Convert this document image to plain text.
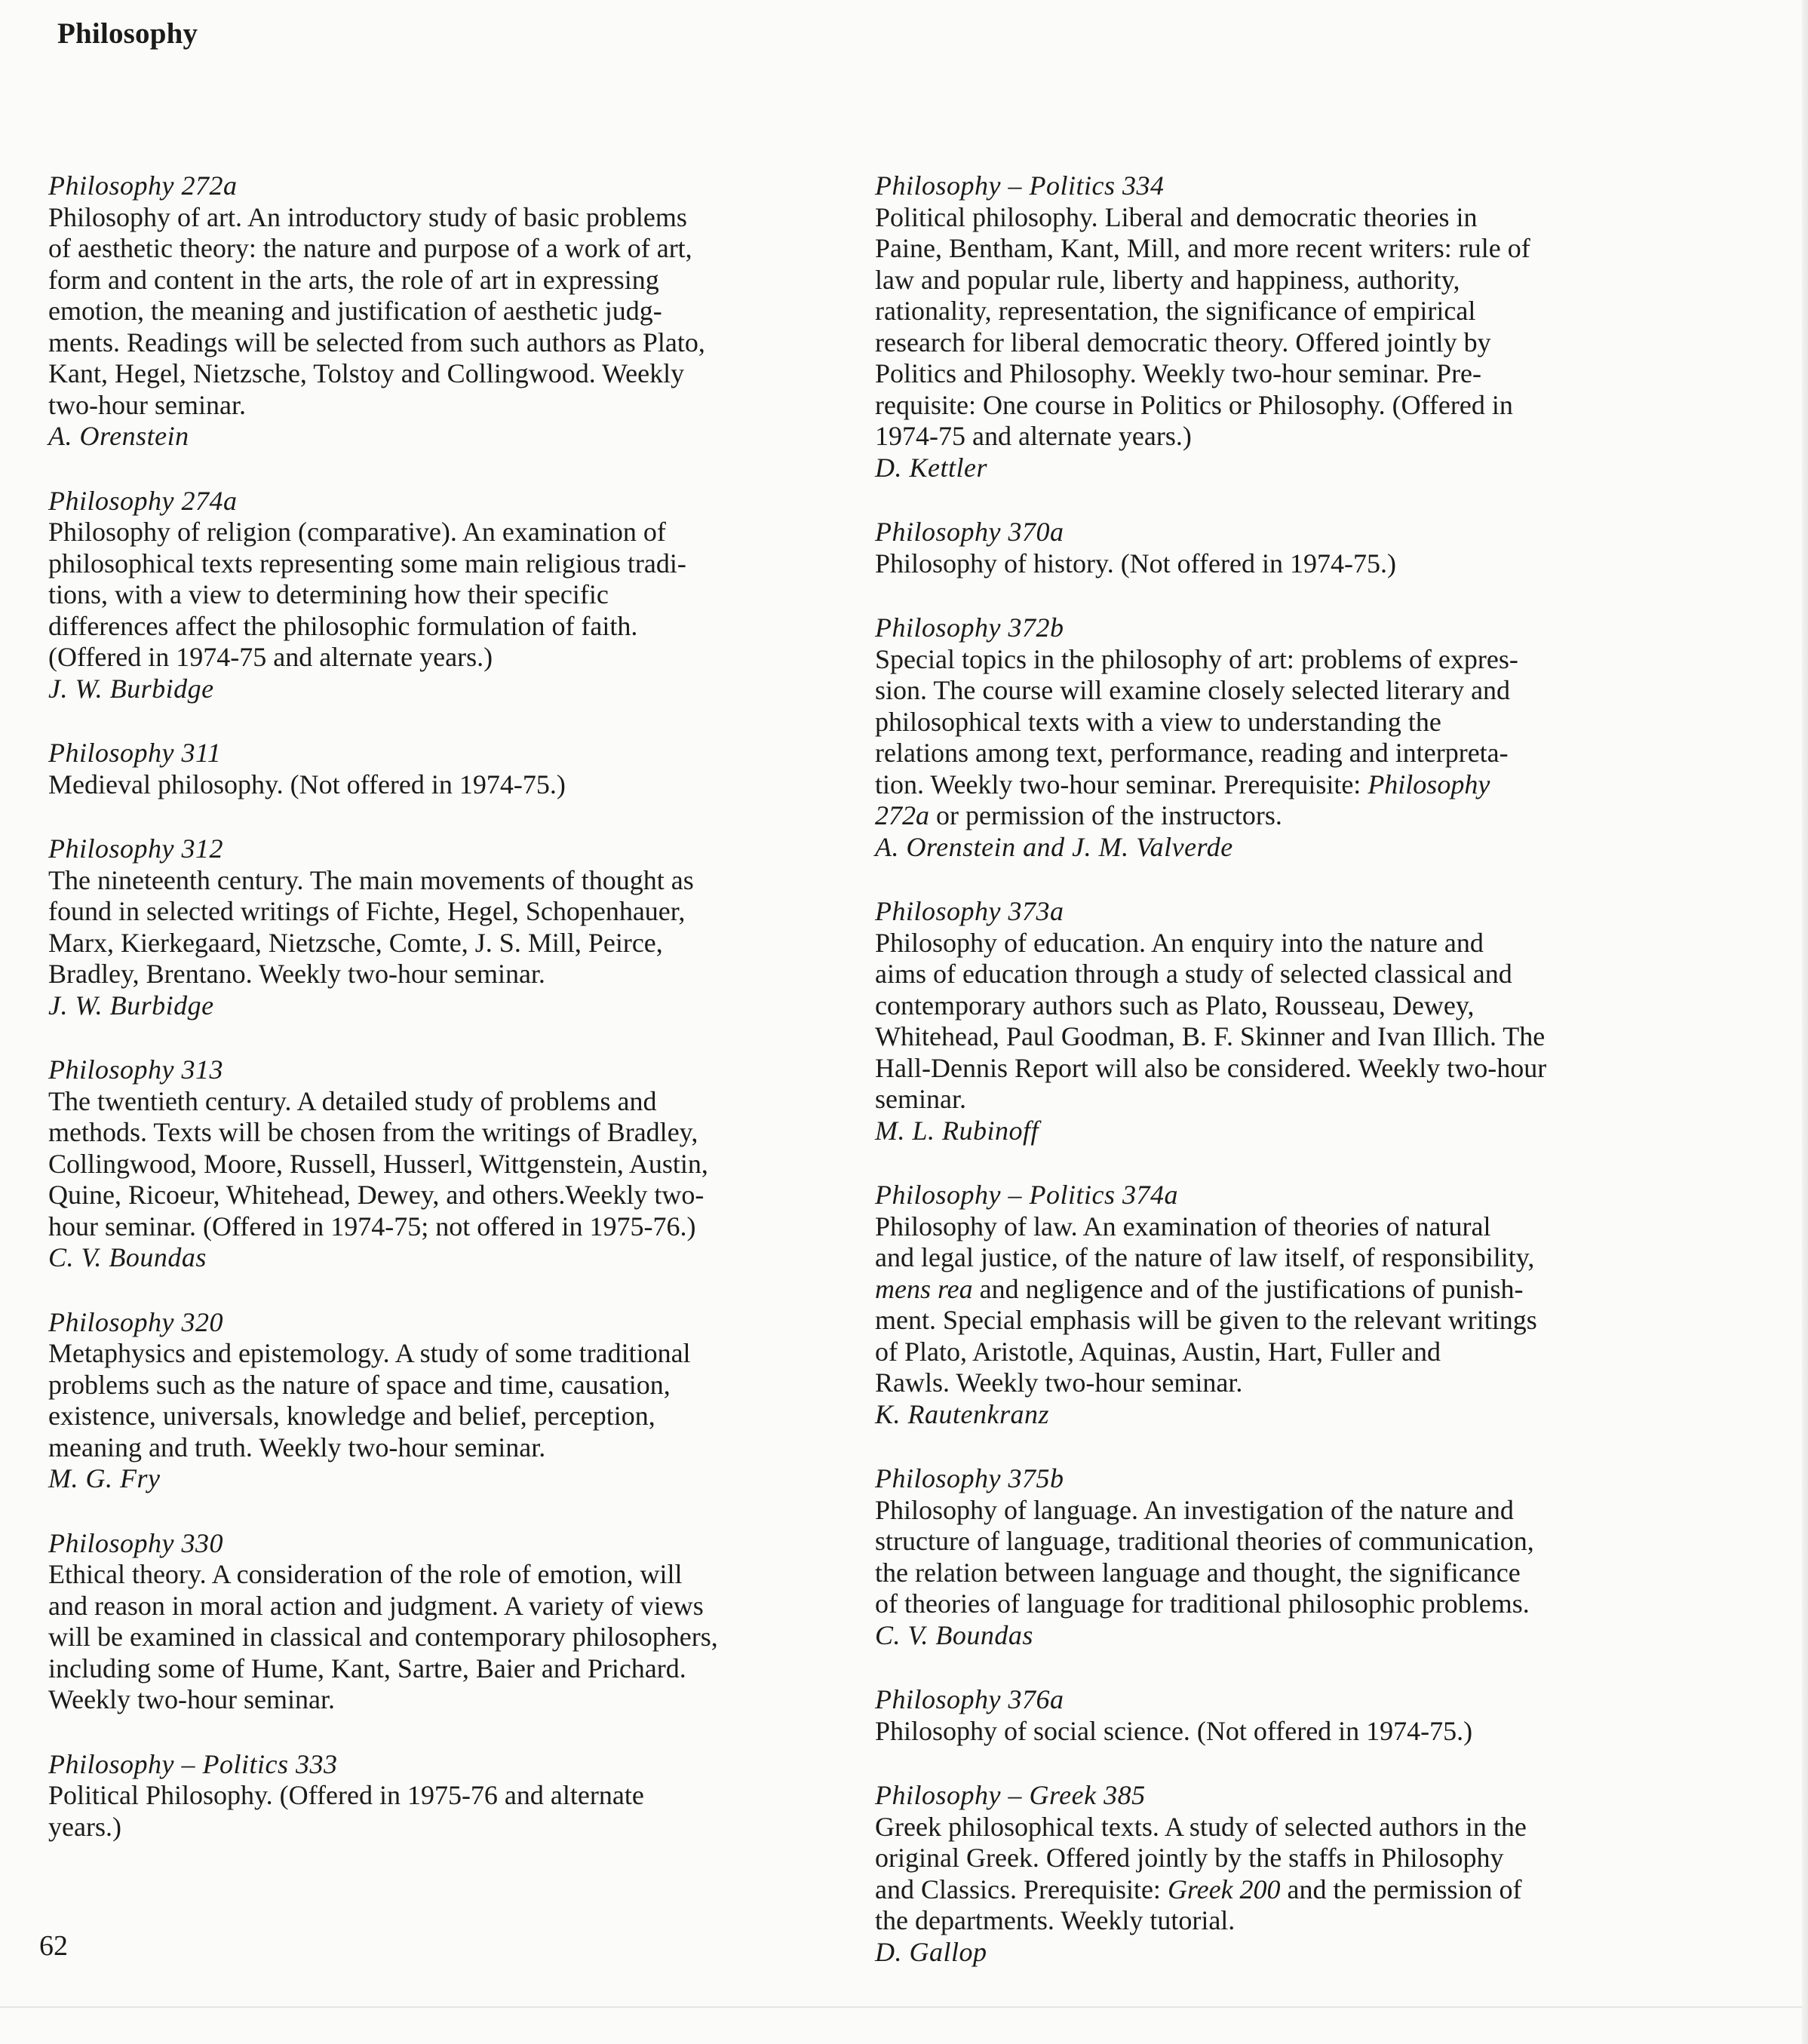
Philosophy
Philosophy 272a
Philosophy of art. An introductory study of basic problems
of aesthetic theory: the nature and purpose of a work of art,
form and content in the arts, the role of art in expressing
emotion, the meaning and justification of aesthetic judg-
ments. Readings will be selected from such authors as Plato,
Kant, Hegel, Nietzsche, Tolstoy and Collingwood. Weekly
two-hour seminar.
A. Orenstein
Philosophy 274a
Philosophy of religion (comparative). An examination of
philosophical texts representing some main religious tradi-
tions, with a view to determining how their specific
differences affect the philosophic formulation of faith.
(Offered in 1974-75 and alternate years.)
J. W. Burbidge
Philosophy 311
Medieval philosophy. (Not offered in 1974-75.)
Philosophy 312
The nineteenth century. The main movements of thought as
found in selected writings of Fichte, Hegel, Schopenhauer,
Marx, Kierkegaard, Nietzsche, Comte, J. S. Mill, Peirce,
Bradley, Brentano. Weekly two-hour seminar.
J. W. Burbidge
Philosophy 313
The twentieth century. A detailed study of problems and
methods. Texts will be chosen from the writings of Bradley,
Collingwood, Moore, Russell, Husserl, Wittgenstein, Austin,
Quine, Ricoeur, Whitehead, Dewey, and others.Weekly two-
hour seminar. (Offered in 1974-75; not offered in 1975-76.)
C. V. Boundas
Philosophy 320
Metaphysics and epistemology. A study of some traditional
problems such as the nature of space and time, causation,
existence, universals, knowledge and belief, perception,
meaning and truth. Weekly two-hour seminar.
M. G. Fry
Philosophy 330
Ethical theory. A consideration of the role of emotion, will
and reason in moral action and judgment. A variety of views
will be examined in classical and contemporary philosophers,
including some of Hume, Kant, Sartre, Baier and Prichard.
Weekly two-hour seminar.
Philosophy – Politics 333
Political Philosophy. (Offered in 1975-76 and alternate
years.)
Philosophy – Politics 334
Political philosophy. Liberal and democratic theories in
Paine, Bentham, Kant, Mill, and more recent writers: rule of
law and popular rule, liberty and happiness, authority,
rationality, representation, the significance of empirical
research for liberal democratic theory. Offered jointly by
Politics and Philosophy. Weekly two-hour seminar. Pre-
requisite: One course in Politics or Philosophy. (Offered in
1974-75 and alternate years.)
D. Kettler
Philosophy 370a
Philosophy of history. (Not offered in 1974-75.)
Philosophy 372b
Special topics in the philosophy of art: problems of expres-
sion. The course will examine closely selected literary and
philosophical texts with a view to understanding the
relations among text, performance, reading and interpreta-
tion. Weekly two-hour seminar. Prerequisite: Philosophy
272a or permission of the instructors.
A. Orenstein and J. M. Valverde
Philosophy 373a
Philosophy of education. An enquiry into the nature and
aims of education through a study of selected classical and
contemporary authors such as Plato, Rousseau, Dewey,
Whitehead, Paul Goodman, B. F. Skinner and Ivan Illich. The
Hall-Dennis Report will also be considered. Weekly two-hour
seminar.
M. L. Rubinoff
Philosophy – Politics 374a
Philosophy of law. An examination of theories of natural
and legal justice, of the nature of law itself, of responsibility,
mens rea and negligence and of the justifications of punish-
ment. Special emphasis will be given to the relevant writings
of Plato, Aristotle, Aquinas, Austin, Hart, Fuller and
Rawls. Weekly two-hour seminar.
K. Rautenkranz
Philosophy 375b
Philosophy of language. An investigation of the nature and
structure of language, traditional theories of communication,
the relation between language and thought, the significance
of theories of language for traditional philosophic problems.
C. V. Boundas
Philosophy 376a
Philosophy of social science. (Not offered in 1974-75.)
Philosophy – Greek 385
Greek philosophical texts. A study of selected authors in the
original Greek. Offered jointly by the staffs in Philosophy
and Classics. Prerequisite: Greek 200 and the permission of
the departments. Weekly tutorial.
D. Gallop
62
